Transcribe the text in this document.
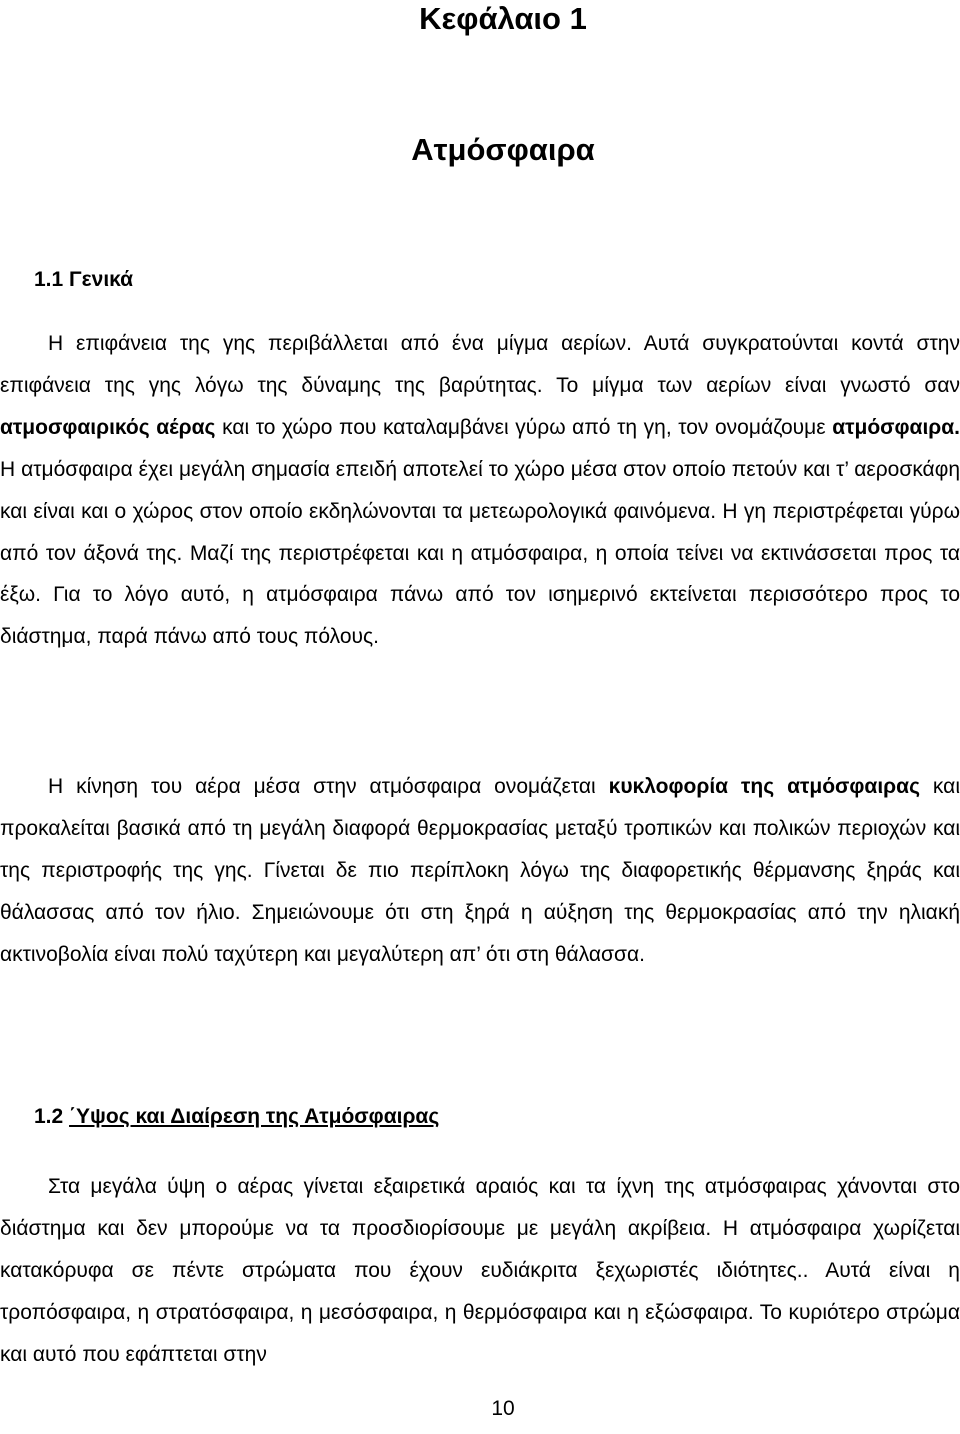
Κεφάλαιο 1
Ατμόσφαιρα
1.1 Γενικά
Η επιφάνεια της γης περιβάλλεται από ένα μίγμα αερίων. Αυτά συγκρατούνται κοντά στην επιφάνεια της γης λόγω της δύναμης της βαρύτητας. Το μίγμα των αερίων είναι γνωστό σαν ατμοσφαιρικός αέρας και το χώρο που καταλαμβάνει γύρω από τη γη, τον ονομάζουμε ατμόσφαιρα. Η ατμόσφαιρα έχει μεγάλη σημασία επειδή αποτελεί το χώρο μέσα στον οποίο πετούν και τ’ αεροσκάφη και είναι και ο χώρος στον οποίο εκδηλώνονται τα μετεωρολογικά φαινόμενα. Η γη περιστρέφεται γύρω από τον άξονά της. Μαζί της περιστρέφεται και η ατμόσφαιρα, η οποία τείνει να εκτινάσσεται προς τα έξω. Για το λόγο αυτό, η ατμόσφαιρα πάνω από τον ισημερινό εκτείνεται περισσότερο προς το διάστημα, παρά πάνω από τους πόλους.
Η κίνηση του αέρα μέσα στην ατμόσφαιρα ονομάζεται κυκλοφορία της ατμόσφαιρας και προκαλείται βασικά από τη μεγάλη διαφορά θερμοκρασίας μεταξύ τροπικών και πολικών περιοχών και της περιστροφής της γης. Γίνεται δε πιο περίπλοκη λόγω της διαφορετικής θέρμανσης ξηράς και θάλασσας από τον ήλιο. Σημειώνουμε ότι στη ξηρά η αύξηση της θερμοκρασίας από την ηλιακή ακτινοβολία είναι πολύ ταχύτερη και μεγαλύτερη απ’ ότι στη θάλασσα.
1.2 ΄Υψος και Διαίρεση της Ατμόσφαιρας
Στα μεγάλα ύψη ο αέρας γίνεται εξαιρετικά αραιός και τα ίχνη της ατμόσφαιρας χάνονται στο διάστημα και δεν μπορούμε να τα προσδιορίσουμε με μεγάλη ακρίβεια. Η ατμόσφαιρα χωρίζεται κατακόρυφα σε πέντε στρώματα που έχουν ευδιάκριτα ξεχωριστές ιδιότητες.. Αυτά είναι η τροπόσφαιρα, η στρατόσφαιρα, η μεσόσφαιρα, η θερμόσφαιρα και η εξώσφαιρα. Το κυριότερο στρώμα και αυτό που εφάπτεται στην
10
